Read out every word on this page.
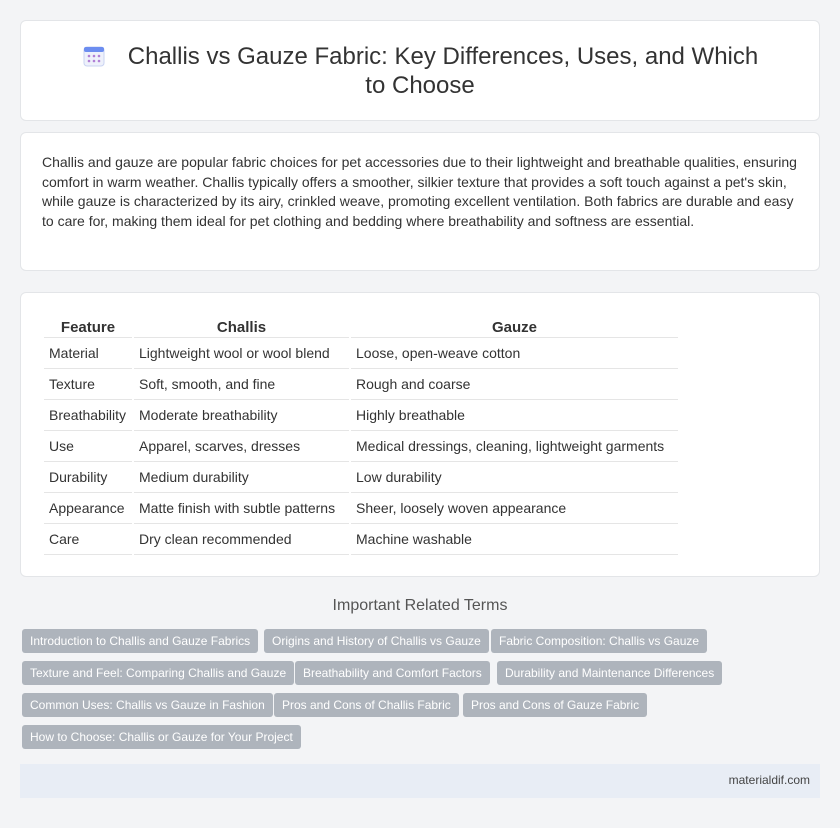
Challis vs Gauze Fabric: Key Differences, Uses, and Which to Choose

Challis and gauze are popular fabric choices for pet accessories due to their lightweight and breathable qualities, ensuring comfort in warm weather. Challis typically offers a smoother, silkier texture that provides a soft touch against a pet's skin, while gauze is characterized by its airy, crinkled weave, promoting excellent ventilation. Both fabrics are durable and easy to care for, making them ideal for pet clothing and bedding where breathability and softness are essential.

Feature	Challis	Gauze
Material	Lightweight wool or wool blend	Loose, open-weave cotton
Texture	Soft, smooth, and fine	Rough and coarse
Breathability	Moderate breathability	Highly breathable
Use	Apparel, scarves, dresses	Medical dressings, cleaning, lightweight garments
Durability	Medium durability	Low durability
Appearance	Matte finish with subtle patterns	Sheer, loosely woven appearance
Care	Dry clean recommended	Machine washable
Important Related Terms
Introduction to Challis and Gauze Fabrics	Origins and History of Challis vs Gauze	Fabric Composition: Challis vs Gauze
Texture and Feel: Comparing Challis and Gauze	Breathability and Comfort Factors	Durability and Maintenance Differences
Common Uses: Challis vs Gauze in Fashion	Pros and Cons of Challis Fabric	Pros and Cons of Gauze Fabric
How to Choose: Challis or Gauze for Your Project
materialdif.com
